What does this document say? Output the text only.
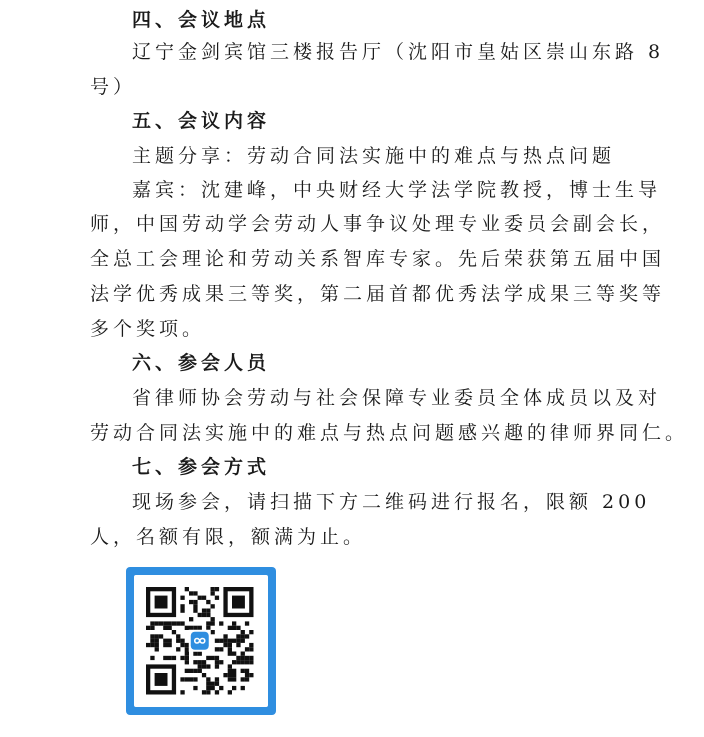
四、会议地点
辽宁金剑宾馆三楼报告厅（沈阳市皇姑区崇山东路 8
号）
五、会议内容
主题分享：劳动合同法实施中的难点与热点问题
嘉宾：沈建峰，中央财经大学法学院教授，博士生导
师，中国劳动学会劳动人事争议处理专业委员会副会长，
全总工会理论和劳动关系智库专家。先后荣获第五届中国
法学优秀成果三等奖，第二届首都优秀法学成果三等奖等
多个奖项。
六、参会人员
省律师协会劳动与社会保障专业委员全体成员以及对
劳动合同法实施中的难点与热点问题感兴趣的律师界同仁。
七、参会方式
现场参会，请扫描下方二维码进行报名，限额 200
人，名额有限，额满为止。
